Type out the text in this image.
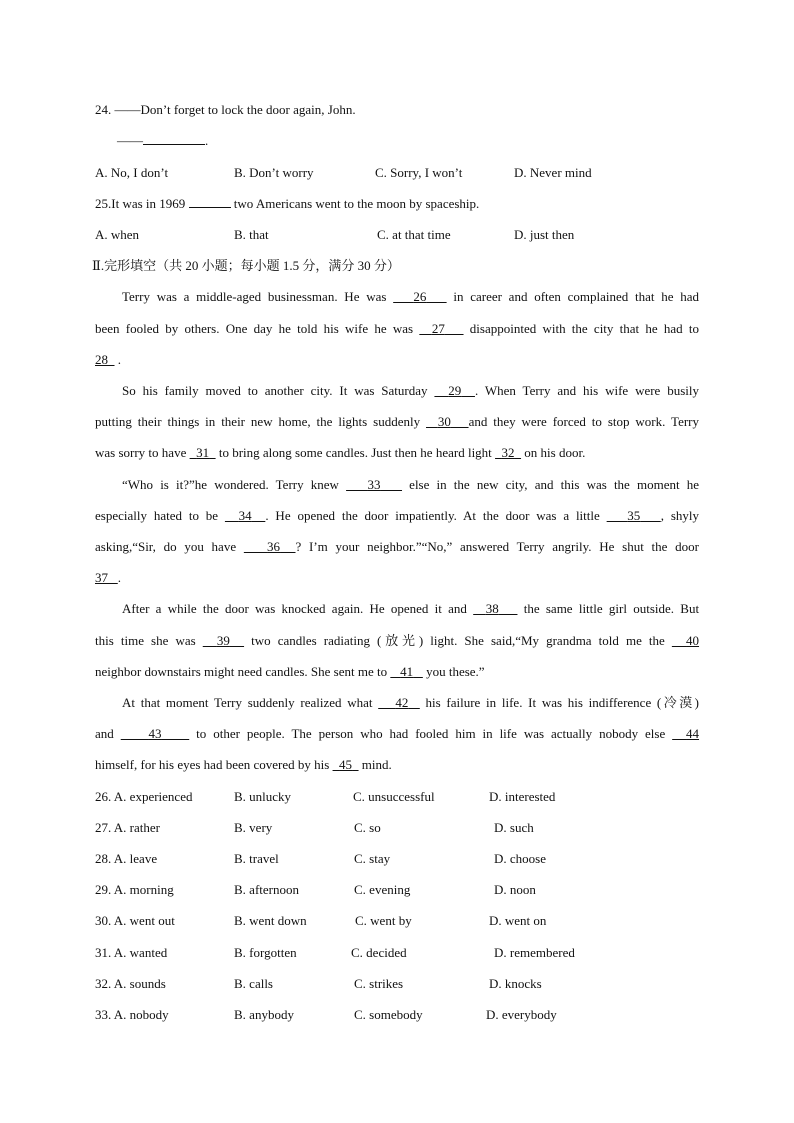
24. ——Don’t forget to lock the door again, John.
——	.
A. No, I don’t	B. Don’t worry	C. Sorry, I won’t	D. Never mind
25.It was in 1969	two Americans went to the moon by spaceship.
A. when	B. that	C. at that time	D. just then
Ⅱ.完形填空（共 20 小题；每小题 1.5 分，满分 30 分）
Terry was a middle-aged businessman. He was 26 in career and often complained that he had
been fooled by others. One day he told his wife he was 27 disappointed with the city that he had to
28 .
So his family moved to another city. It was Saturday 29 . When Terry and his wife were busily
putting their things in their new home, the lights suddenly 30 and they were forced to stop work. Terry
was sorry to have 31 to bring along some candles. Just then he heard light 32 on his door.
“Who is it?”he wondered. Terry knew 33 else in the new city, and this was the moment he
especially hated to be 34 . He opened the door impatiently. At the door was a little 35 , shyly
asking,“Sir, do you have 36 ? I’m your neighbor.”“No,” answered Terry angrily. He shut the door
37 .
After a while the door was knocked again. He opened it and 38 the same little girl outside. But
this time she was 39 two candles radiating (放光) light. She said,“My grandma told me the 40
neighbor downstairs might need candles. She sent me to 41 you these.”
At that moment Terry suddenly realized what 42 his failure in life. It was his indifference (冷漠)
and	43	to other people. The person who had fooled him in life was actually nobody else 44
himself, for his eyes had been covered by his 45 mind.
26. A. experienced	B. unlucky	C. unsuccessful	D. interested
27. A. rather	B. very	C. so	D. such
28. A. leave	B. travel	C. stay	D. choose
29. A. morning	B. afternoon	C. evening	D. noon
30. A. went out	B. went down	C. went by	D. went on
31. A. wanted	B. forgotten	C. decided	D. remembered
32. A. sounds	B. calls	C. strikes	D. knocks
33. A. nobody	B. anybody	C. somebody	D. everybody
